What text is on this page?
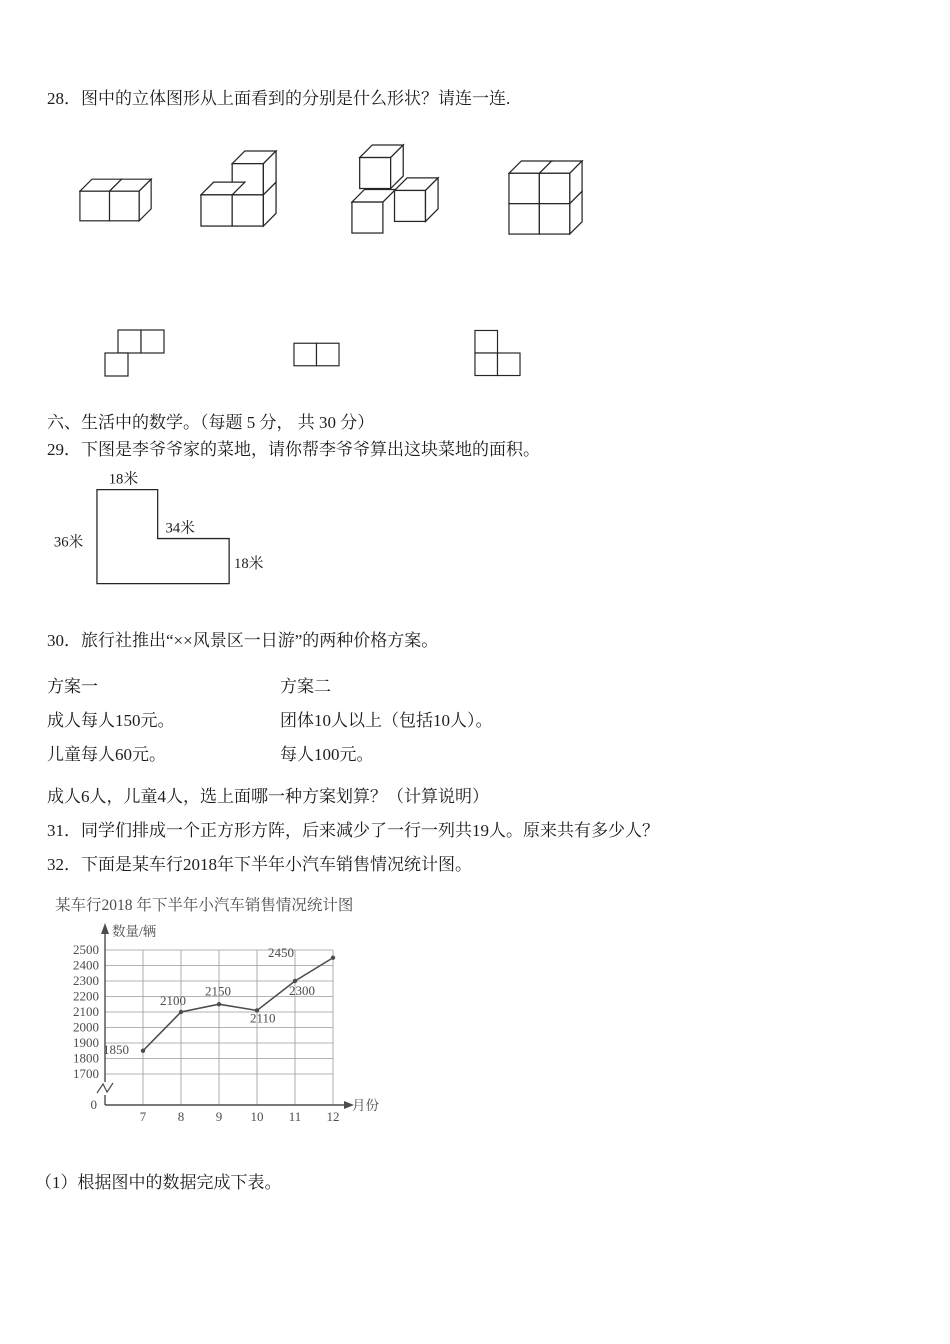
28．图中的立体图形从上面看到的分别是什么形状？请连一连.

六、生活中的数学。（每题 5 分， 共 30 分）

29．下图是李爷爷家的菜地，请你帮李爷爷算出这块菜地的面积。

18米
36米
34米
18米

30．旅行社推出“××风景区一日游”的两种价格方案。

方案一	方案二

成人每人150元。	团体10人以上（包括10人）。

儿童每人60元。	每人100元。

成人6人，儿童4人，选上面哪一种方案划算？（计算说明）

31．同学们排成一个正方形方阵，后来减少了一行一列共19人。原来共有多少人？

32．下面是某车行2018年下半年小汽车销售情况统计图。

某车行2018 年下半年小汽车销售情况统计图
数量/辆
月份
2500
2400
2300
2200
2100
2000
1900
1800
1700
0
7 8 9 10 11 12
1850
2100
2150
2110
2300
2450

（1）根据图中的数据完成下表。
